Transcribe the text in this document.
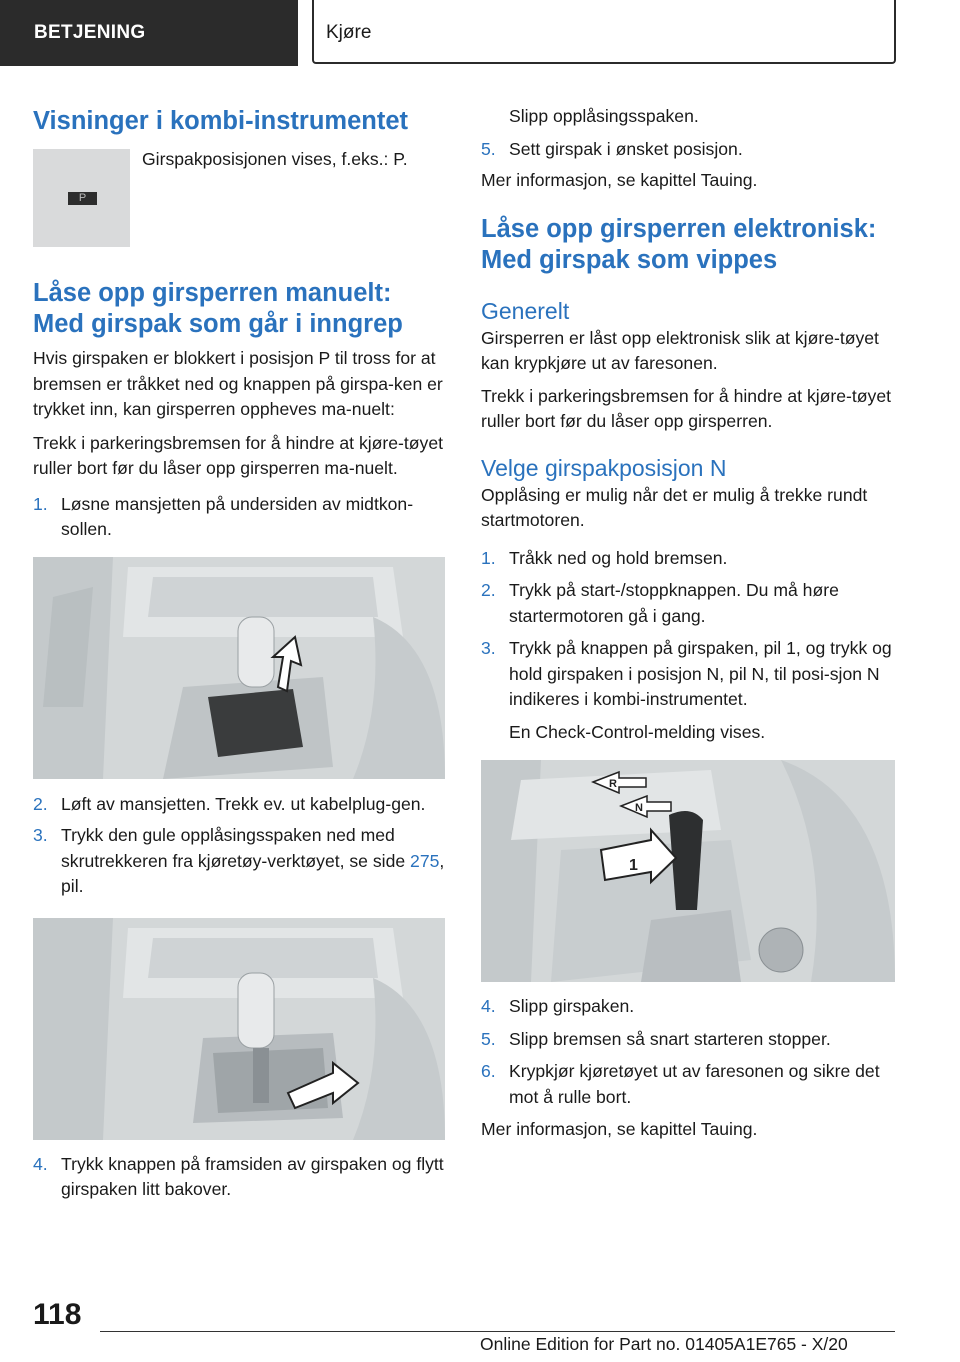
BETJENING	Kjøre
Visninger i kombi-instrumentet
P

Girspakposisjonen vises, f.eks.: P.

Låse opp girsperren manuelt: Med girspak som går i inngrep

Hvis girspaken er blokkert i posisjon P til tross for at bremsen er tråkket ned og knappen på girspa-ken er trykket inn, kan girsperren oppheves ma-nuelt:

Trekk i parkeringsbremsen for å hindre at kjøre-tøyet ruller bort før du låser opp girsperren ma-nuelt.

1. Løsne mansjetten på undersiden av midtkon-sollen.
2. Løft av mansjetten. Trekk ev. ut kabelplug-gen.
3. Trykk den gule opplåsingsspaken ned med skrutrekkeren fra kjøretøy-verktøyet, se side 275, pil.
4. Trykk knappen på framsiden av girspaken og flytt girspaken litt bakover.
Slipp opplåsingsspaken.
5. Sett girspak i ønsket posisjon.

Mer informasjon, se kapittel Tauing.

Låse opp girsperren elektronisk: Med girspak som vippes
Generelt

Girsperren er låst opp elektronisk slik at kjøre-tøyet kan krypkjøre ut av faresonen.

Trekk i parkeringsbremsen for å hindre at kjøre-tøyet ruller bort før du låser opp girsperren.

Velge girspakposisjon N

Opplåsing er mulig når det er mulig å trekke rundt startmotoren.

1. Tråkk ned og hold bremsen.
2. Trykk på start-/stoppknappen. Du må høre startermotoren gå i gang.
3. Trykk på knappen på girspaken, pil 1, og trykk og hold girspaken i posisjon N, pil N, til posi-sjon N indikeres i kombi-instrumentet.
En Check-Control-melding vises.
R
N
1
4. Slipp girspaken.
5. Slipp bremsen så snart starteren stopper.
6. Krypkjør kjøretøyet ut av faresonen og sikre det mot å rulle bort.

Mer informasjon, se kapittel Tauing.

118
Online Edition for Part no. 01405A1E765 - X/20
